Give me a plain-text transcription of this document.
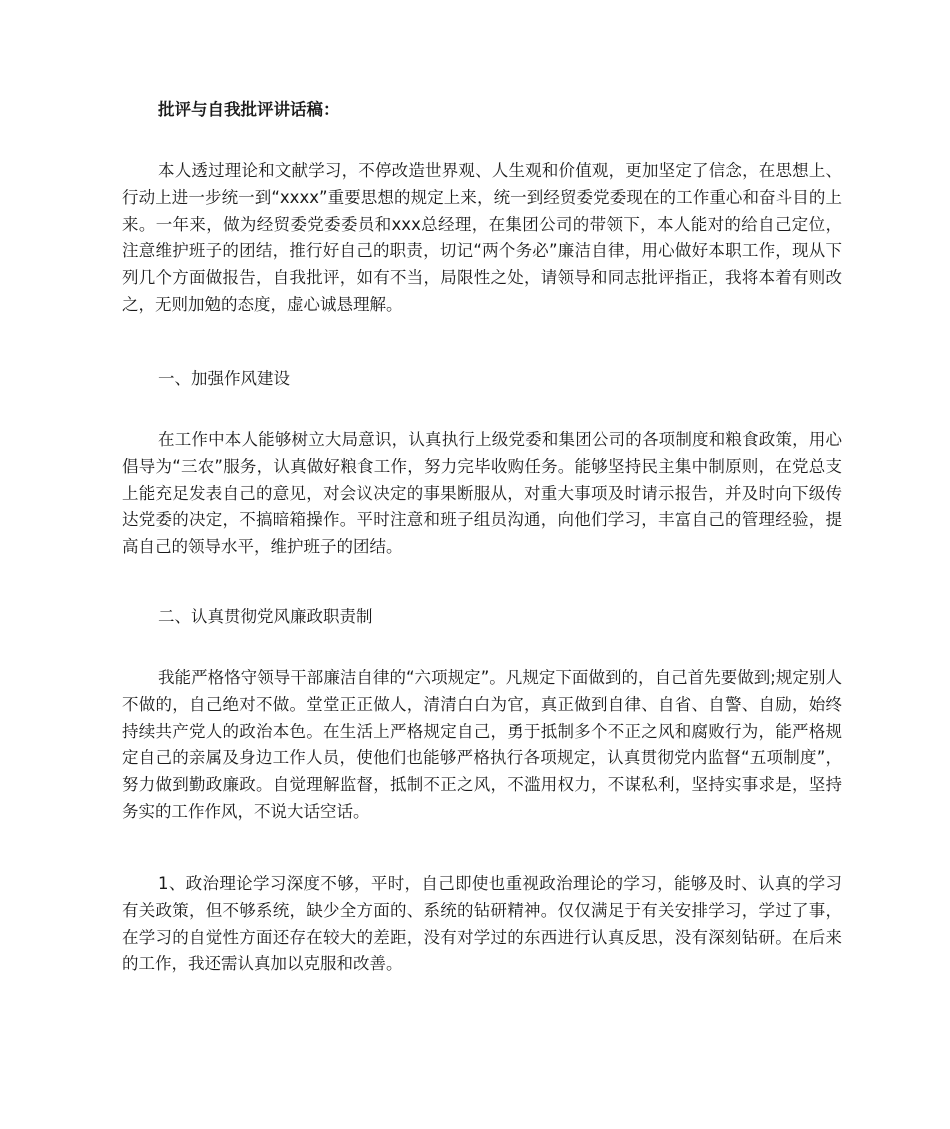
批评与自我批评讲话稿：

本人透过理论和文献学习，不停改造世界观、人生观和价值观，更加坚定了信念，在思想上、行动上进一步统一到“xxxx”重要思想的规定上来，统一到经贸委党委现在的工作重心和奋斗目的上来。一年来，做为经贸委党委委员和xxx总经理，在集团公司的带领下，本人能对的给自己定位，注意维护班子的团结，推行好自己的职责，切记“两个务必”廉洁自律，用心做好本职工作，现从下列几个方面做报告，自我批评，如有不当，局限性之处，请领导和同志批评指正，我将本着有则改之，无则加勉的态度，虚心诚恳理解。

一、加强作风建设

在工作中本人能够树立大局意识，认真执行上级党委和集团公司的各项制度和粮食政策，用心倡导为“三农”服务，认真做好粮食工作，努力完毕收购任务。能够坚持民主集中制原则，在党总支上能充足发表自己的意见，对会议决定的事果断服从，对重大事项及时请示报告，并及时向下级传达党委的决定，不搞暗箱操作。平时注意和班子组员沟通，向他们学习，丰富自己的管理经验，提高自己的领导水平，维护班子的团结。

二、认真贯彻党风廉政职责制

我能严格恪守领导干部廉洁自律的“六项规定”。凡规定下面做到的，自己首先要做到;规定别人不做的，自己绝对不做。堂堂正正做人，清清白白为官，真正做到自律、自省、自警、自励，始终持续共产党人的政治本色。在生活上严格规定自己，勇于抵制多个不正之风和腐败行为，能严格规定自己的亲属及身边工作人员，使他们也能够严格执行各项规定，认真贯彻党内监督“五项制度”，努力做到勤政廉政。自觉理解监督，抵制不正之风，不滥用权力，不谋私利，坚持实事求是，坚持务实的工作作风，不说大话空话。

1、政治理论学习深度不够，平时，自己即使也重视政治理论的学习，能够及时、认真的学习有关政策，但不够系统，缺少全方面的、系统的钻研精神。仅仅满足于有关安排学习，学过了事，在学习的自觉性方面还存在较大的差距，没有对学过的东西进行认真反思，没有深刻钻研。在后来的工作，我还需认真加以克服和改善。
